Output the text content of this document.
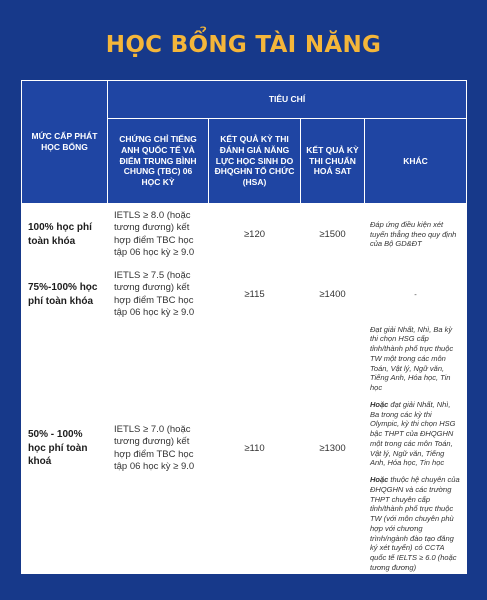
HỌC BỔNG TÀI NĂNG
MỨC CẤP PHÁT HỌC BỔNG	TIÊU CHÍ			
	CHỨNG CHỈ TIẾNG ANH QUỐC TẾ VÀ ĐIỂM TRUNG BÌNH CHUNG (TBC) 06 HỌC KỲ	KẾT QUẢ KỲ THI ĐÁNH GIÁ NĂNG LỰC HỌC SINH DO ĐHQGHN TỔ CHỨC (HSA)	KẾT QUẢ KỲ THI CHUẨN HOÁ SAT	KHÁC
100% học phí toàn khóa	IETLS ≥ 8.0 (hoặc tương đương) kết hợp điểm TBC học tập 06 học kỳ ≥ 9.0	≥120	≥1500	Đáp ứng điều kiện xét tuyển thẳng theo quy định của Bộ GD&ĐT
75%-100% học phí toàn khóa	IETLS ≥ 7.5 (hoặc tương đương) kết hợp điểm TBC học tập 06 học kỳ ≥ 9.0	≥115	≥1400	-
50% - 100% học phí toàn khoá	IETLS ≥ 7.0 (hoặc tương đương) kết hợp điểm TBC học tập 06 học kỳ ≥ 9.0	≥110	≥1300	Đạt giải Nhất, Nhì, Ba kỳ thi chọn HSG cấp tỉnh/thành phố trực thuộc TW một trong các môn Toán, Vật lý, Ngữ văn, Tiếng Anh, Hóa học, Tin học

Hoặc đạt giải Nhất, Nhì, Ba trong các kỳ thi Olympic, kỳ thi chọn HSG bậc THPT của ĐHQGHN một trong các môn Toán, Vật lý, Ngữ văn, Tiếng Anh, Hóa học, Tin học

Hoặc thuộc hệ chuyên của ĐHQGHN và các trường THPT chuyên cấp tỉnh/thành phố trực thuộc TW (với môn chuyên phù hợp với chương trình/ngành đào tạo đăng ký xét tuyển) có CCTA quốc tế IELTS ≥ 6.0 (hoặc tương đương)
